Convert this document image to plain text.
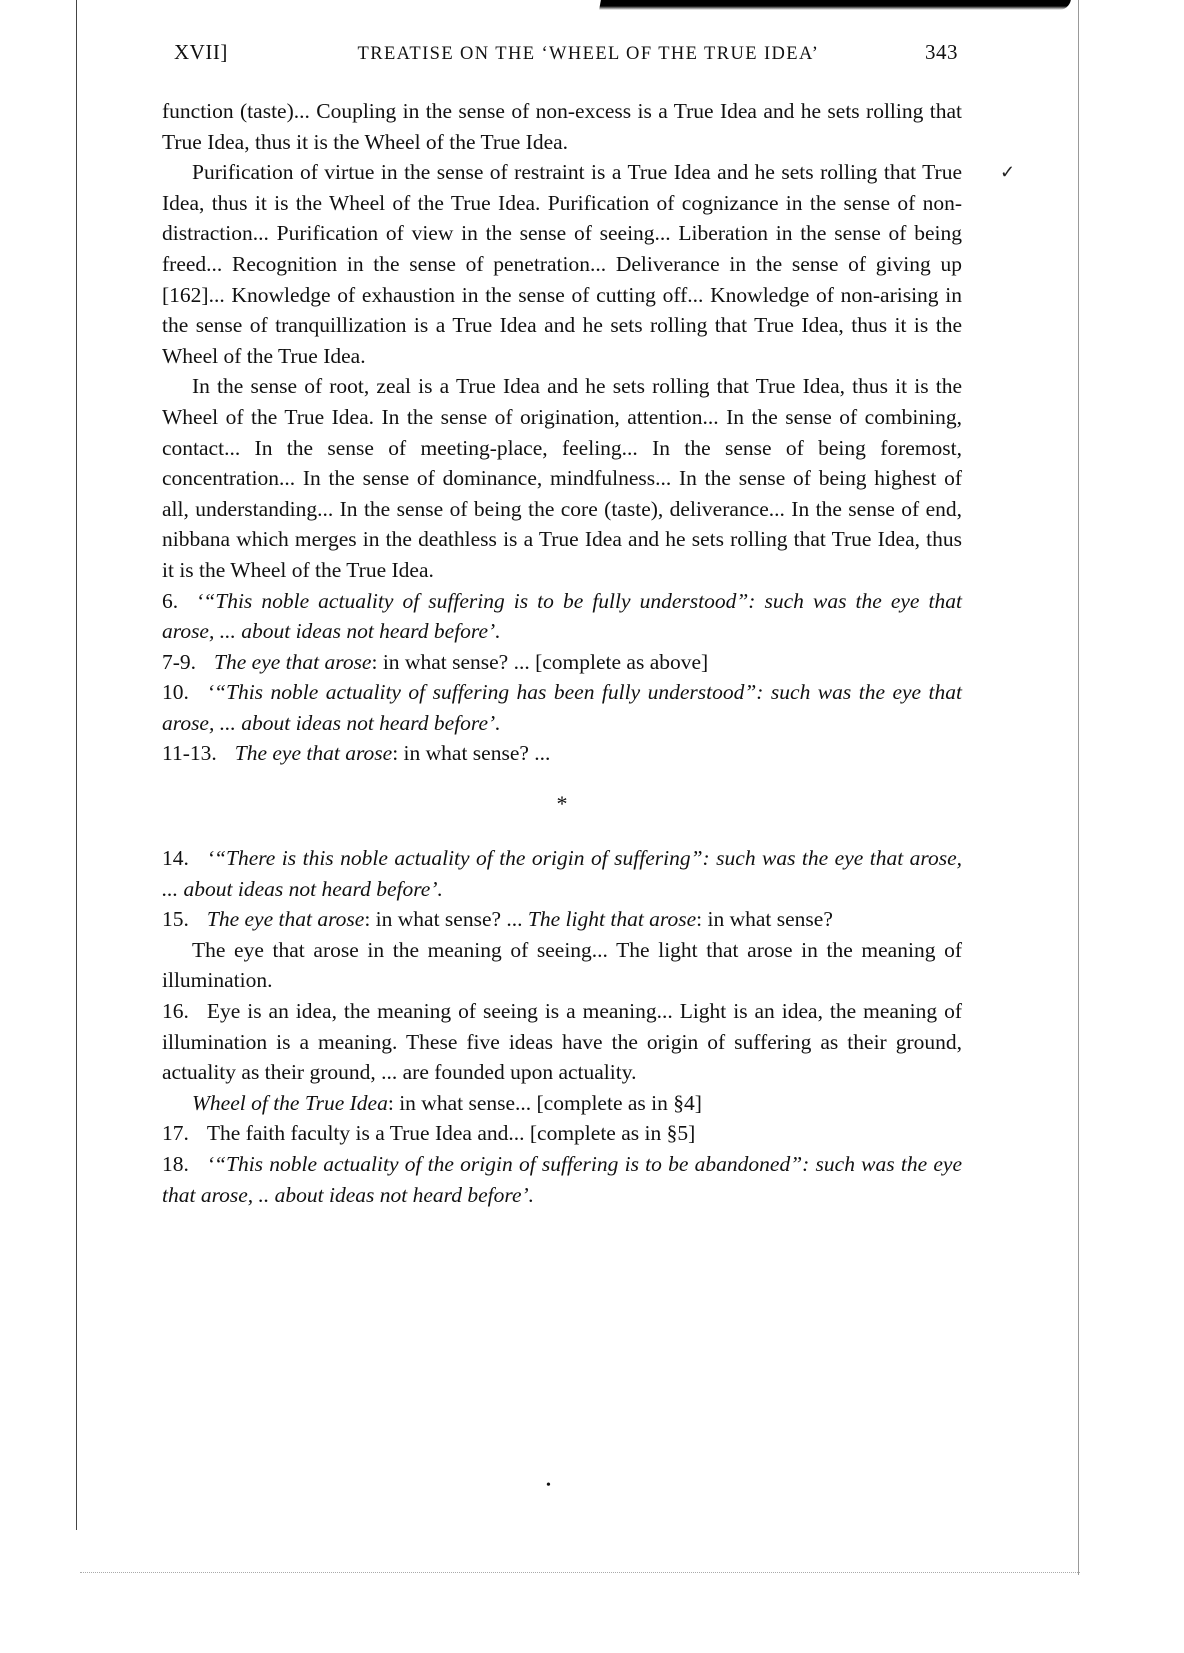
✓
XVII]	TREATISE ON THE ‘WHEEL OF THE TRUE IDEA’	343

function (taste)... Coupling in the sense of non-excess is a True Idea and he sets rolling that True Idea, thus it is the Wheel of the True Idea.

Purification of virtue in the sense of restraint is a True Idea and he sets rolling that True Idea, thus it is the Wheel of the True Idea. Purification of cognizance in the sense of non-distraction... Purification of view in the sense of seeing... Liberation in the sense of being freed... Recognition in the sense of penetration... Deliverance in the sense of giving up [162]... Knowledge of exhaustion in the sense of cutting off... Knowledge of non-arising in the sense of tranquillization is a True Idea and he sets rolling that True Idea, thus it is the Wheel of the True Idea.

In the sense of root, zeal is a True Idea and he sets rolling that True Idea, thus it is the Wheel of the True Idea. In the sense of origination, attention... In the sense of combining, contact... In the sense of meeting-place, feeling... In the sense of being foremost, concentration... In the sense of dominance, mindfulness... In the sense of being highest of all, understanding... In the sense of being the core (taste), deliverance... In the sense of end, nibbana which merges in the deathless is a True Idea and he sets rolling that True Idea, thus it is the Wheel of the True Idea.

6. ‘“This noble actuality of suffering is to be fully understood”: such was the eye that arose, ... about ideas not heard before’.

7-9. The eye that arose: in what sense? ... [complete as above]

10. ‘“This noble actuality of suffering has been fully understood”: such was the eye that arose, ... about ideas not heard before’.

11-13. The eye that arose: in what sense? ...

*

14. ‘“There is this noble actuality of the origin of suffering”: such was the eye that arose, ... about ideas not heard before’.

15. The eye that arose: in what sense? ... The light that arose: in what sense?

The eye that arose in the meaning of seeing... The light that arose in the meaning of illumination.

16. Eye is an idea, the meaning of seeing is a meaning... Light is an idea, the meaning of illumination is a meaning. These five ideas have the origin of suffering as their ground, actuality as their ground, ... are founded upon actuality.

Wheel of the True Idea: in what sense... [complete as in §4]

17. The faith faculty is a True Idea and... [complete as in §5]

18. ‘“This noble actuality of the origin of suffering is to be abandoned”: such was the eye that arose, .. about ideas not heard before’.

•
